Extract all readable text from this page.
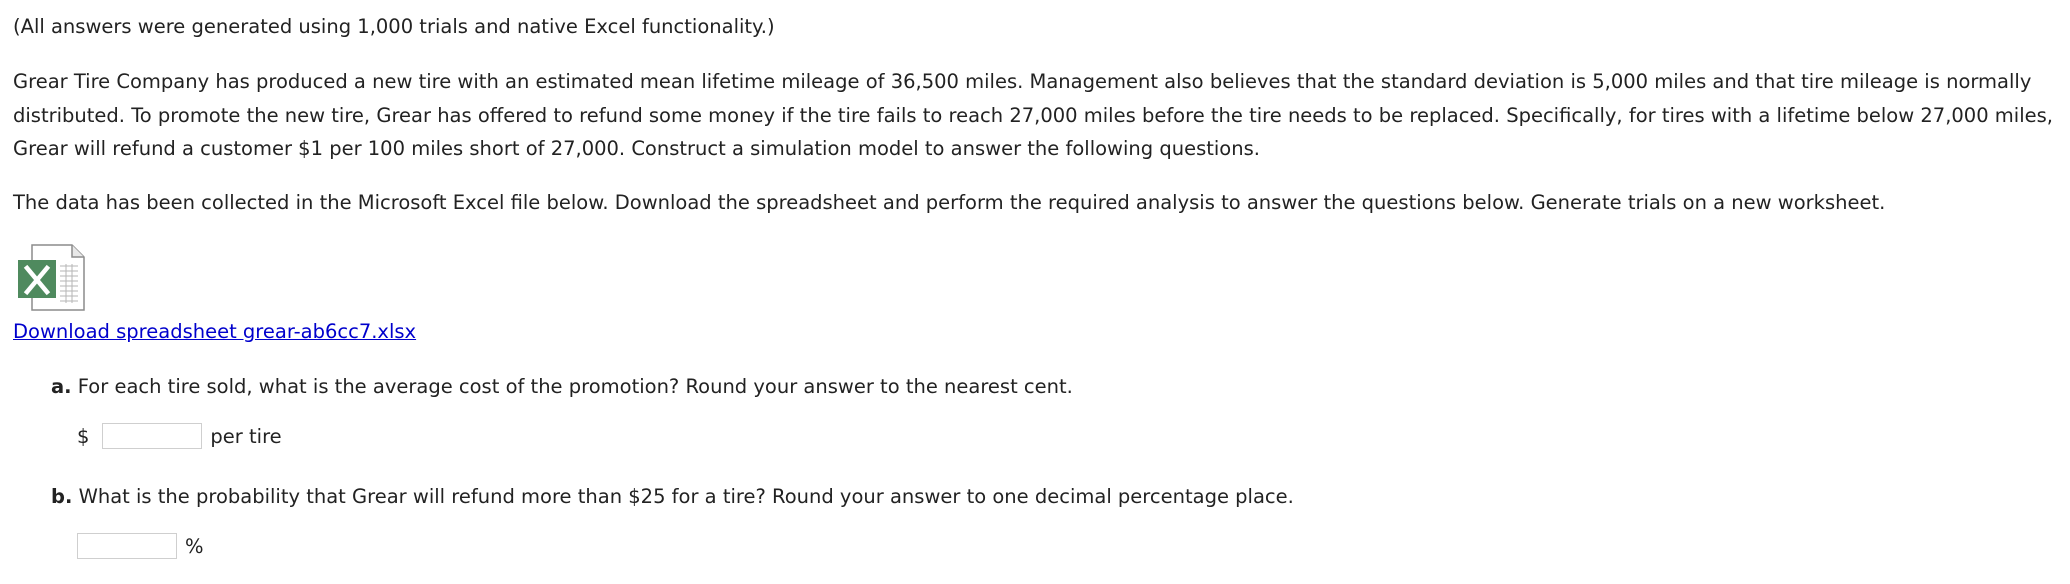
(All answers were generated using 1,000 trials and native Excel functionality.)

Grear Tire Company has produced a new tire with an estimated mean lifetime mileage of 36,500 miles. Management also believes that the standard deviation is 5,000 miles and that tire mileage is normally distributed. To promote the new tire, Grear has offered to refund some money if the tire fails to reach 27,000 miles before the tire needs to be replaced. Specifically, for tires with a lifetime below 27,000 miles, Grear will refund a customer $1 per 100 miles short of 27,000. Construct a simulation model to answer the following questions.

The data has been collected in the Microsoft Excel file below. Download the spreadsheet and perform the required analysis to answer the questions below. Generate trials on a new worksheet.

Download spreadsheet grear-ab6cc7.xlsx
a. For each tire sold, what is the average cost of the promotion? Round your answer to the nearest cent.
$	per tire
b. What is the probability that Grear will refund more than $25 for a tire? Round your answer to one decimal percentage place.
%
